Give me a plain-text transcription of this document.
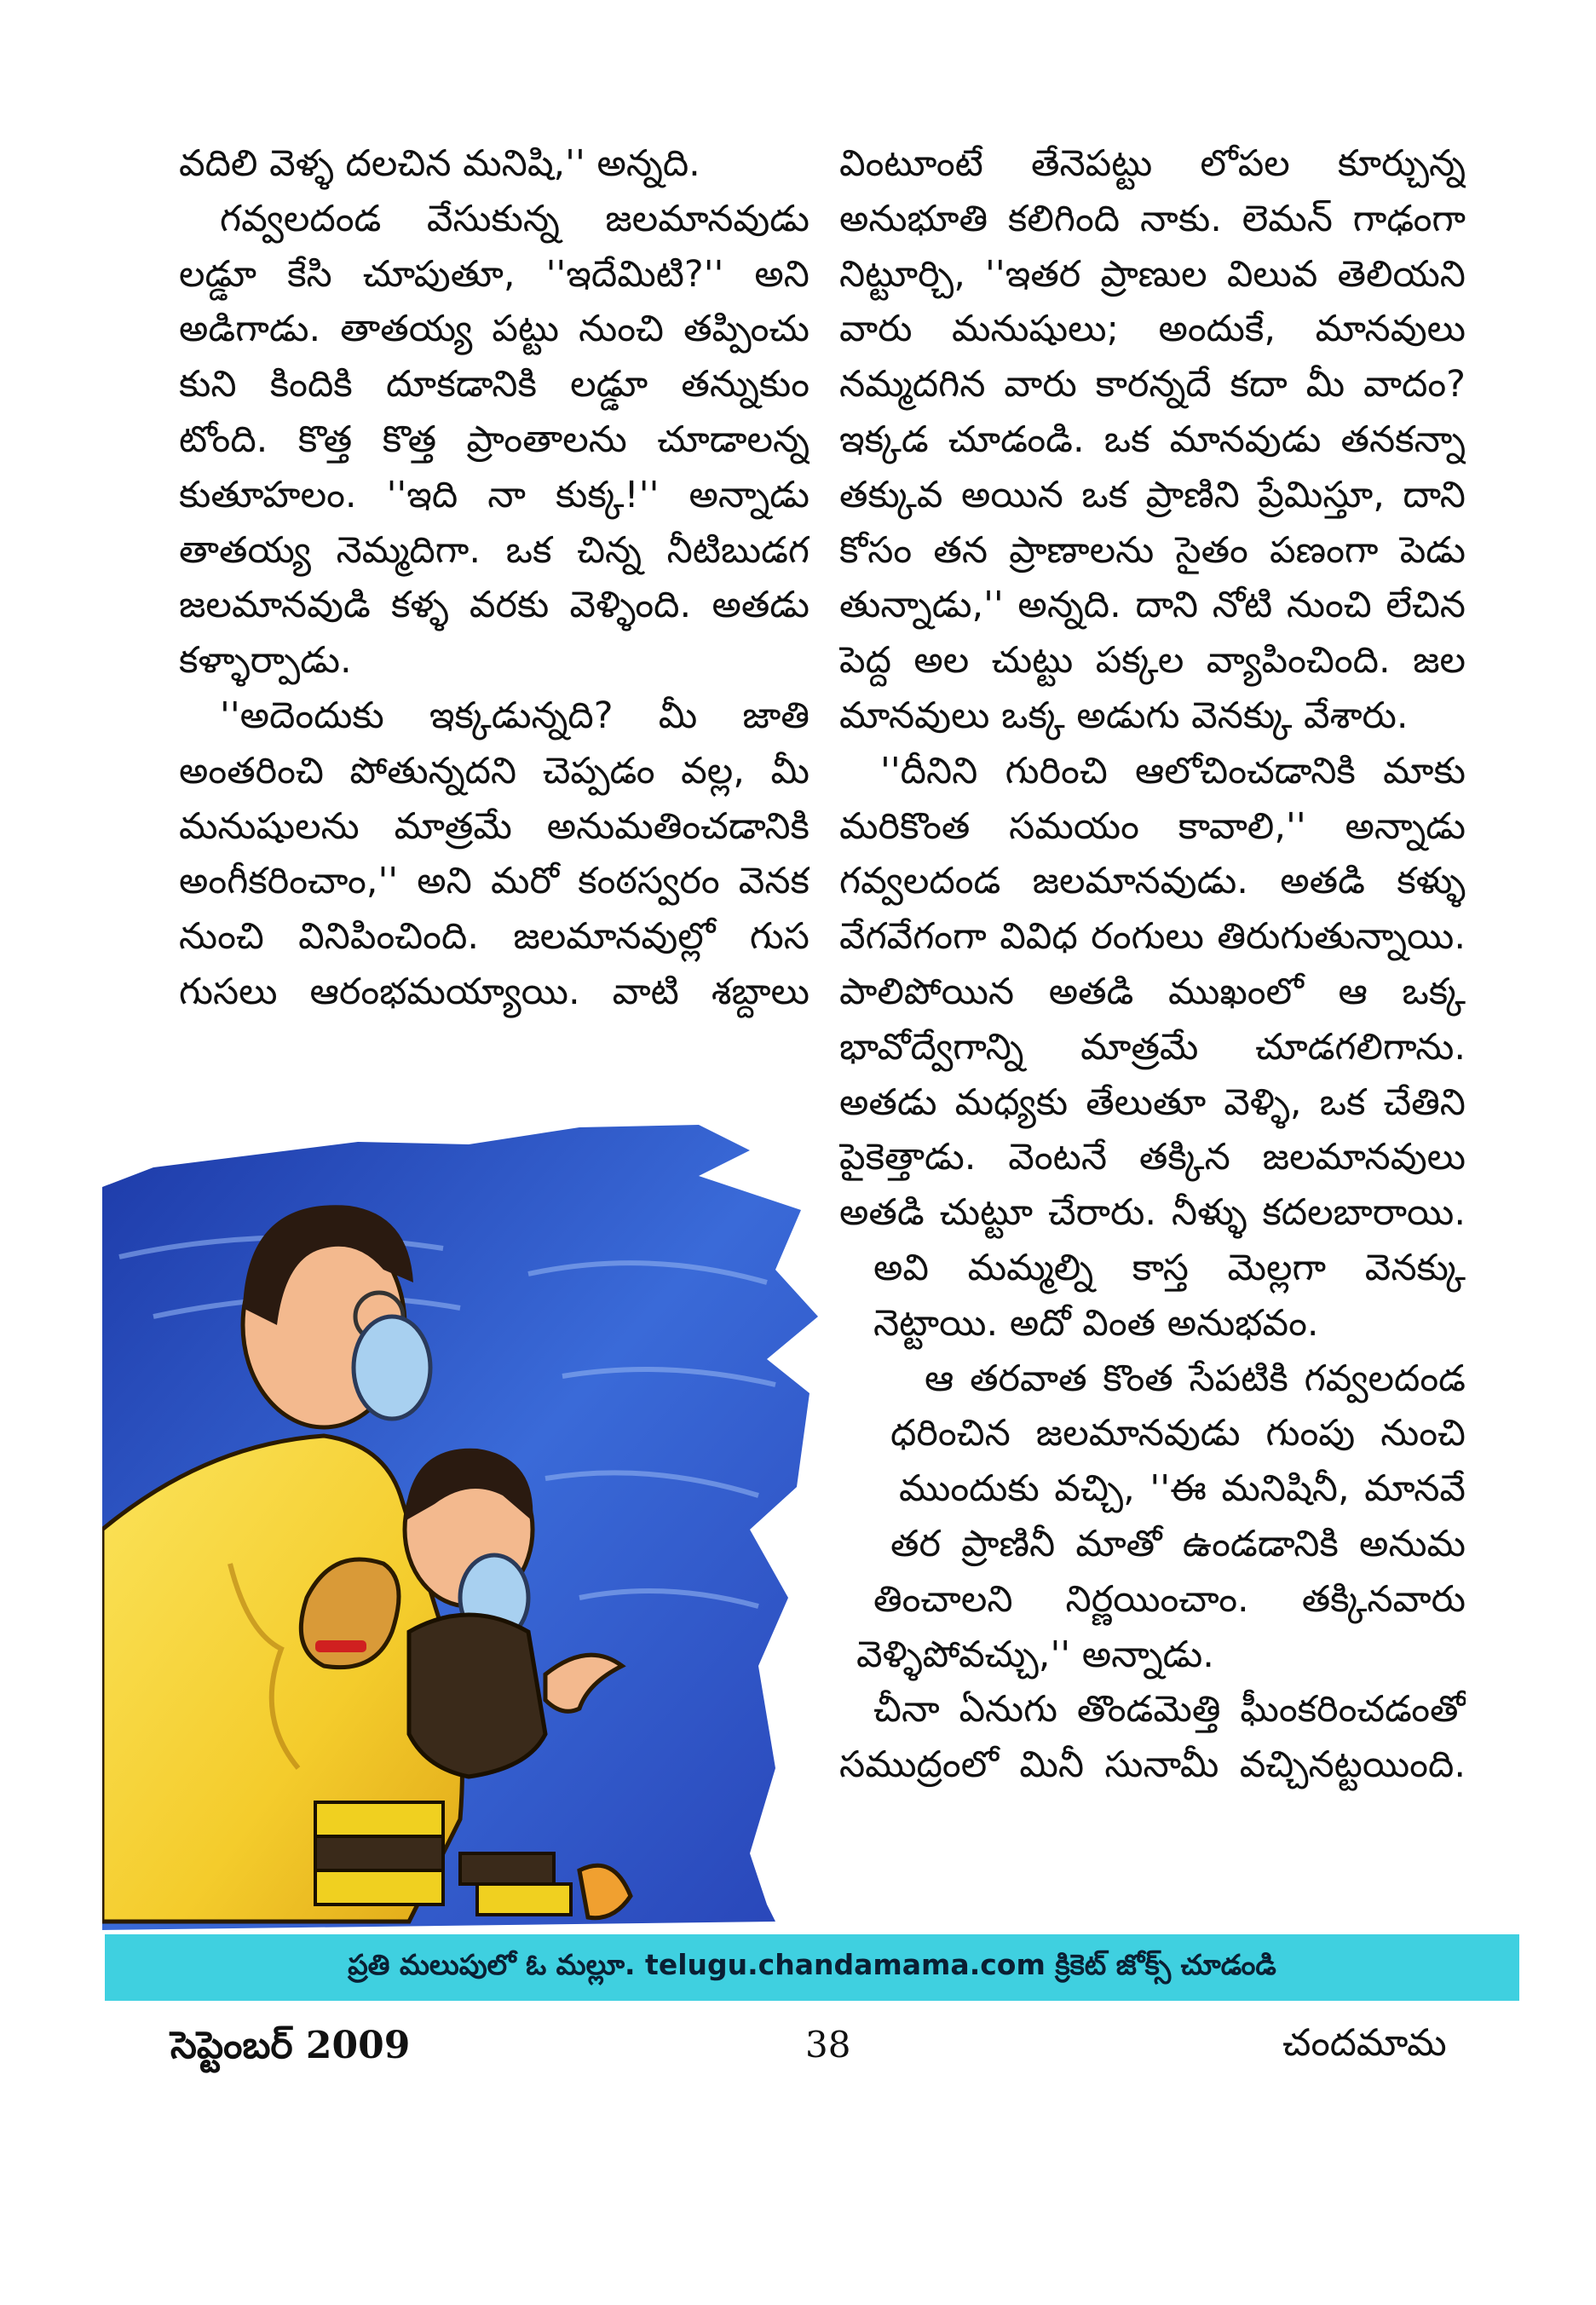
వదిలి వెళ్ళ దలచిన మనిషి,'' అన్నది.

గవ్వలదండ వేసుకున్న జలమానవుడు

లడ్డూ కేసి చూపుతూ, ''ఇదేమిటి?'' అని

అడిగాడు. తాతయ్య పట్టు నుంచి తప్పించు

కుని కిందికి దూకడానికి లడ్డూ తన్నుకుం

టోంది. కొత్త కొత్త ప్రాంతాలను చూడాలన్న

కుతూహలం. ''ఇది నా కుక్క!'' అన్నాడు

తాతయ్య నెమ్మదిగా. ఒక చిన్న నీటిబుడగ

జలమానవుడి కళ్ళ వరకు వెళ్ళింది. అతడు

కళ్ళార్పాడు.

''అదెందుకు ఇక్కడున్నది? మీ జాతి

అంతరించి పోతున్నదని చెప్పడం వల్ల, మీ

మనుషులను మాత్రమే అనుమతించడానికి

అంగీకరించాం,'' అని మరో కంఠస్వరం వెనక

నుంచి వినిపించింది. జలమానవుల్లో గుస

గుసలు ఆరంభమయ్యాయి. వాటి శబ్దాలు

వింటూంటే తేనెపట్టు లోపల కూర్చున్న

అనుభూతి కలిగింది నాకు. లెమన్ గాఢంగా

నిట్టూర్చి, ''ఇతర ప్రాణుల విలువ తెలియని

వారు మనుషులు; అందుకే, మానవులు

నమ్మదగిన వారు కారన్నదే కదా మీ వాదం?

ఇక్కడ చూడండి. ఒక మానవుడు తనకన్నా

తక్కువ అయిన ఒక ప్రాణిని ప్రేమిస్తూ, దాని

కోసం తన ప్రాణాలను సైతం పణంగా పెడు

తున్నాడు,'' అన్నది. దాని నోటి నుంచి లేచిన

పెద్ద అల చుట్టు పక్కల వ్యాపించింది. జల

మానవులు ఒక్క అడుగు వెనక్కు వేశారు.

''దీనిని గురించి ఆలోచించడానికి మాకు

మరికొంత సమయం కావాలి,'' అన్నాడు

గవ్వలదండ జలమానవుడు. అతడి కళ్ళు

వేగవేగంగా వివిధ రంగులు తిరుగుతున్నాయి.

పాలిపోయిన అతడి ముఖంలో ఆ ఒక్క

భావోద్వేగాన్ని మాత్రమే చూడగలిగాను.

అతడు మధ్యకు తేలుతూ వెళ్ళి, ఒక చేతిని

పైకెత్తాడు. వెంటనే తక్కిన జలమానవులు

అతడి చుట్టూ చేరారు. నీళ్ళు కదలబారాయి.

అవి మమ్మల్ని కాస్త మెల్లగా వెనక్కు

నెట్టాయి. అదో వింత అనుభవం.

ఆ తరవాత కొంత సేపటికి గవ్వలదండ

ధరించిన జలమానవుడు గుంపు నుంచి

ముందుకు వచ్చి, ''ఈ మనిషినీ, మానవే

తర ప్రాణినీ మాతో ఉండడానికి అనుమ

తించాలని నిర్ణయించాం. తక్కినవారు

వెళ్ళిపోవచ్చు,'' అన్నాడు.

చీనా ఏనుగు తొండమెత్తి ఘీంకరించడంతో

సముద్రంలో మినీ సునామీ వచ్చినట్టయింది.

ప్రతి మలుపులో ఓ మల్లూ. telugu.chandamama.com క్రికెట్ జోక్స్ చూడండి
సెప్టెంబర్ 2009	38	చందమామ
